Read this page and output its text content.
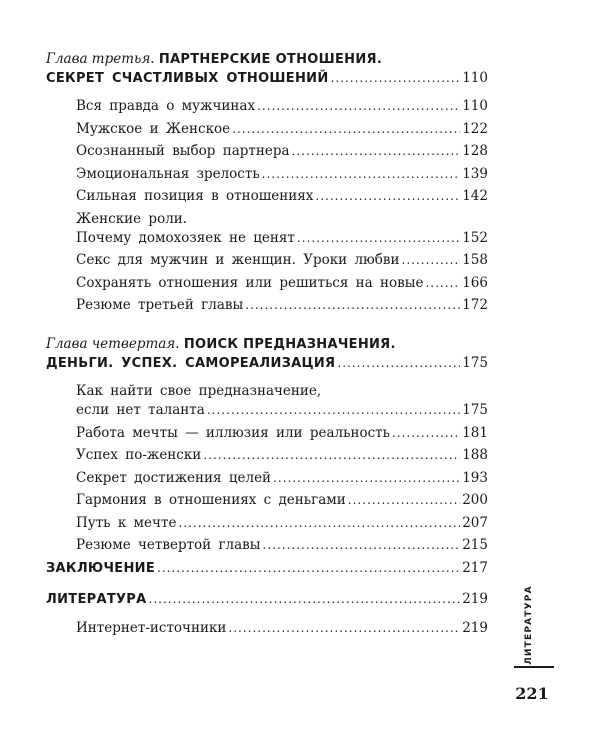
Глава третья. ПАРТНЕРСКИЕ ОТНОШЕНИЯ.
СЕКРЕТ СЧАСТЛИВЫХ ОТНОШЕНИЙ .....	110
Вся правда о мужчинах .....	110
Мужское и Женское .....	122
Осознанный выбор партнера .....	128
Эмоциональная зрелость .....	139
Сильная позиция в отношениях .....	142
Женские роли.
Почему домохозяек не ценят .....	152
Секс для мужчин и женщин. Уроки любви .....	158
Сохранять отношения или решиться на новые .....	166
Резюме третьей главы .....	172
Глава четвертая. ПОИСК ПРЕДНАЗНАЧЕНИЯ.
ДЕНЬГИ. УСПЕХ. САМОРЕАЛИЗАЦИЯ .....	175
Как найти свое предназначение,
если нет таланта .....	175
Работа мечты — иллюзия или реальность .....	181
Успех по-женски .....	188
Секрет достижения целей .....	193
Гармония в отношениях с деньгами .....	200
Путь к мечте .....	207
Резюме четвертой главы .....	215
ЗАКЛЮЧЕНИЕ .....	217
ЛИТЕРАТУРА .....	219
Интернет-источники .....	219	ЛИТЕРАТУРА
221
